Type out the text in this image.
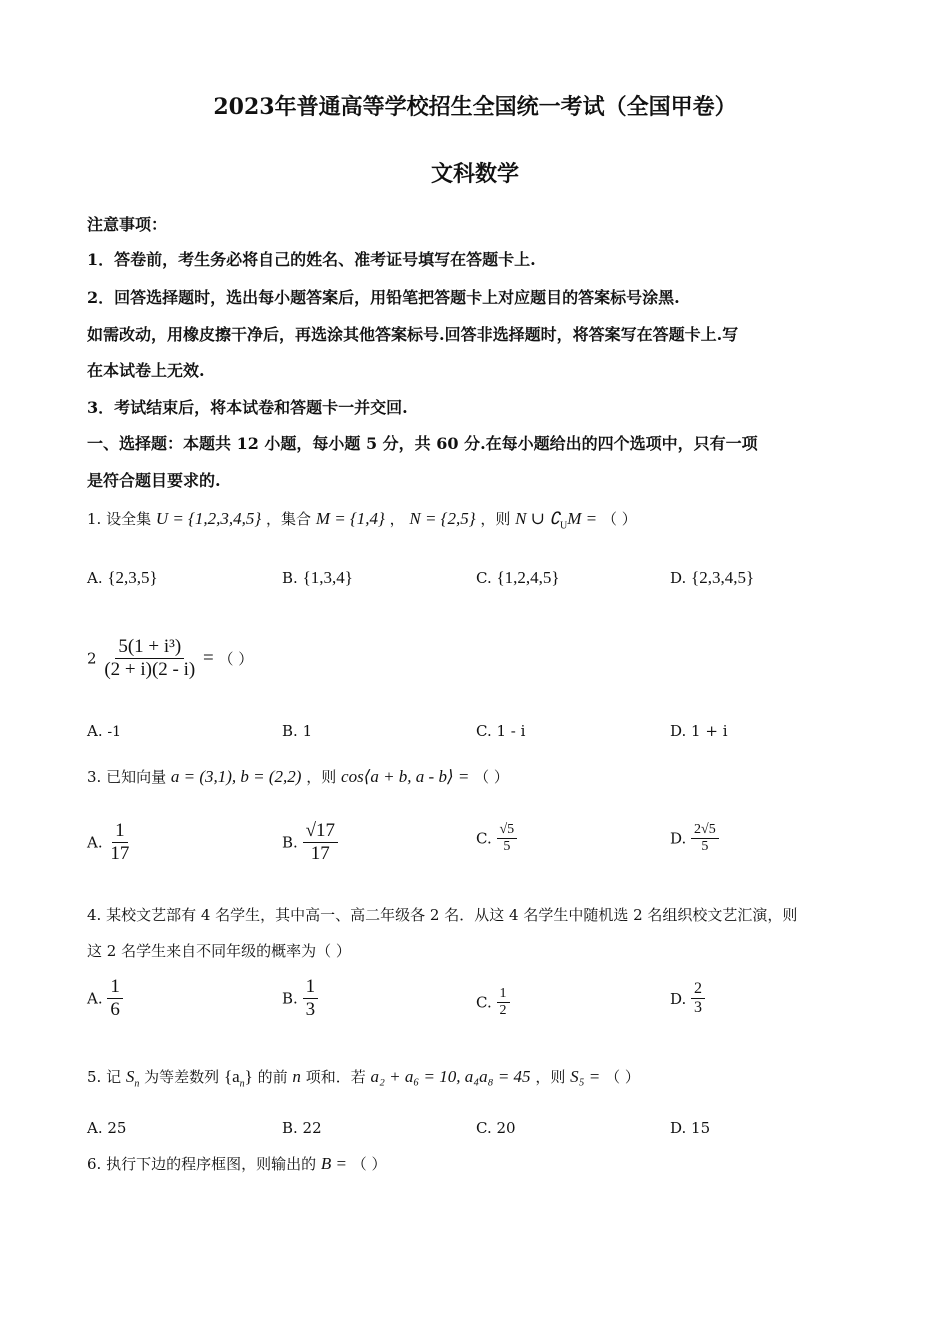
2023年普通高等学校招生全国统一考试（全国甲卷）
文科数学
注意事项：
1．答卷前，考生务必将自己的姓名、准考证号填写在答题卡上.
2．回答选择题时，选出每小题答案后，用铅笔把答题卡上对应题目的答案标号涂黑.
如需改动，用橡皮擦干净后，再选涂其他答案标号.回答非选择题时，将答案写在答题卡上.写
在本试卷上无效.
3．考试结束后，将本试卷和答题卡一并交回.
一、选择题：本题共 12 小题，每小题 5 分，共 60 分.在每小题给出的四个选项中，只有一项
是符合题目要求的.
1. 设全集 U = {1,2,3,4,5} ，集合 M = {1,4} ， N = {2,5} ，则 N ∪ $∁_UM$ = （ ）
A. {2,3,5}	B. {1,3,4}	C. {1,2,4,5}	D. {2,3,4,5}
$2 \frac{\text{5(1 + i³)}}{(2 + i)(2 - i)}$ = （ ）
A. -1	B. 1	C. 1 - i	D. 1 + i
3. 已知向量 a = (3,1), b = (2,2) ，则 cos⟨a + b, a - b⟩ = （ ）
A. $\frac{1}{17}$	B. $\frac{√17}{17}$	C. $\frac{√5}{5}$	D. $\frac{2√5}{5}$
4. 某校文艺部有 4 名学生，其中高一、高二年级各 2 名．从这 4 名学生中随机选 2 名组织校文艺汇演，则
这 2 名学生来自不同年级的概率为（ ）
A. $\frac{1}{6}$	B. $\frac{1}{3}$	C. $\frac{1}{2}$	D. $\frac{2}{3}$
5. 记 $S_n$ 为等差数列 $\{a_n\}$ 的前 n 项和．若 a₂ + a₆ = 10, a₄a₈ = 45 ，则 S₅ = （ ）
A. 25	B. 22	C. 20	D. 15
6. 执行下边的程序框图，则输出的 B = （ ）
